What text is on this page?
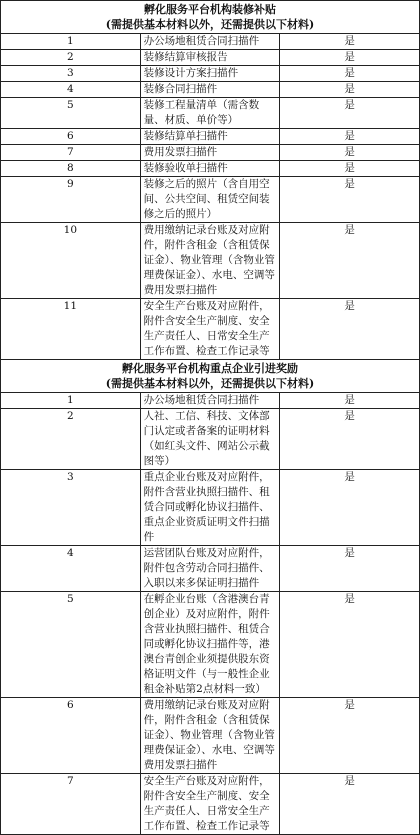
孵化服务平台机构装修补贴
(需提供基本材料以外，还需提供以下材料)		

1	办公场地租赁合同扫描件	是
2	装修结算审核报告	是
3	装修设计方案扫描件	是
4	装修合同扫描件	是
5	装修工程量清单（需含数量、材质、单价等）	是
6	装修结算单扫描件	是
7	费用发票扫描件	是
8	装修验收单扫描件	是
9	装修之后的照片（含自用空间、公共空间、租赁空间装修之后的照片）	是
10	费用缴纳记录台账及对应附件，附件含租金（含租赁保证金）、物业管理（含物业管理费保证金）、水电、空调等费用发票扫描件	是
11	安全生产台账及对应附件，附件含安全生产制度、安全生产责任人、日常安全生产工作布置、检查工作记录等	是

孵化服务平台机构重点企业引进奖励
(需提供基本材料以外，还需提供以下材料)		

1	办公场地租赁合同扫描件	是
2	人社、工信、科技、文体部门认定或者备案的证明材料（如红头文件、网站公示截图等）	是
3	重点企业台账及对应附件，附件含营业执照扫描件、租赁合同或孵化协议扫描件、重点企业资质证明文件扫描件	是
4	运营团队台账及对应附件，附件包含劳动合同扫描件、入职以来多保证明扫描件	是
5	在孵企业台账（含港澳台青创企业）及对应附件，附件含营业执照扫描件、租赁合同或孵化协议扫描件等，港澳台青创企业须提供股东资格证明文件（与一般性企业租金补贴第2点材料一致）	是
6	费用缴纳记录台账及对应附件，附件含租金（含租赁保证金）、物业管理（含物业管理费保证金）、水电、空调等费用发票扫描件	是
7	安全生产台账及对应附件，附件含安全生产制度、安全生产责任人、日常安全生产工作布置、检查工作记录等	是
